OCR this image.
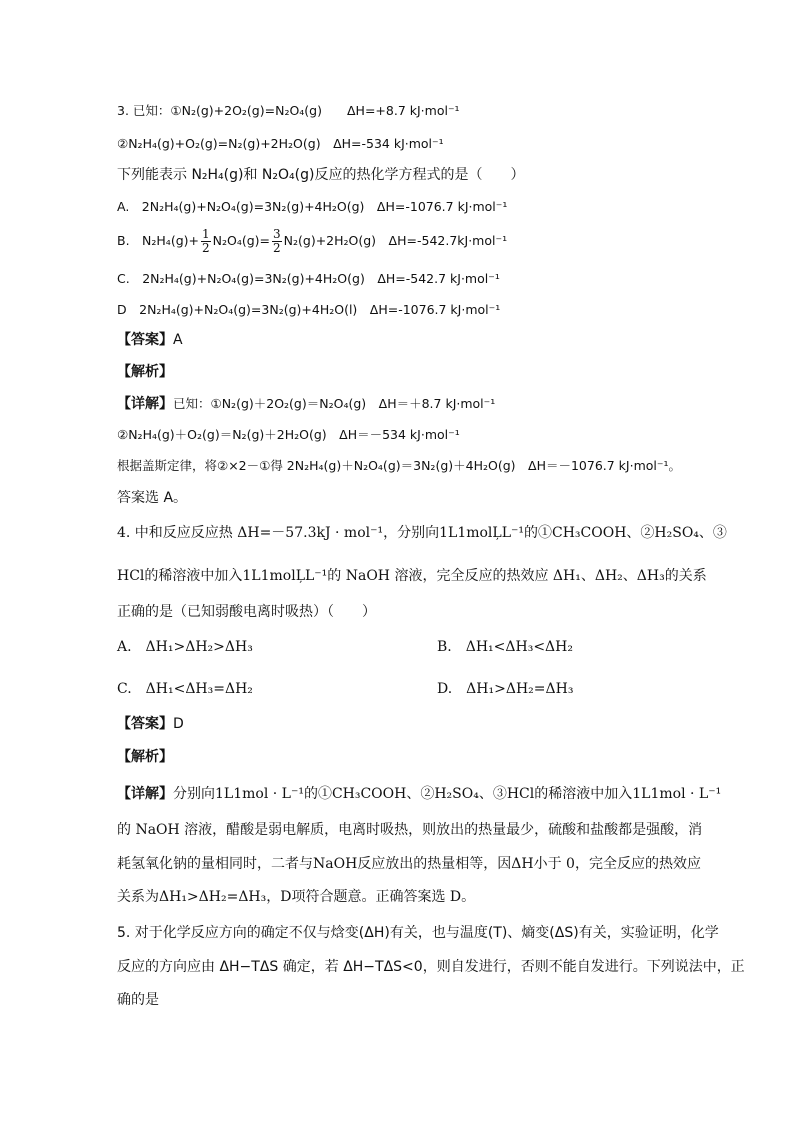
3. 已知：①N₂(g)+2O₂(g)=N₂O₄(g)　　ΔH=+8.7 kJ·mol⁻¹
②N₂H₄(g)+O₂(g)=N₂(g)+2H₂O(g)　ΔH=-534 kJ·mol⁻¹
下列能表示 N₂H₄(g)和 N₂O₄(g)反应的热化学方程式的是（　　）
A.　2N₂H₄(g)+N₂O₄(g)=3N₂(g)+4H₂O(g)　ΔH=-1076.7 kJ·mol⁻¹
B.　$N_2H_4(g)+ \frac{1}{2} N_2O_4(g)= \frac{3}{2} N_2(g)+2H_2O(g)$　ΔH=-542.7kJ·mol⁻¹
C.　2N₂H₄(g)+N₂O₄(g)=3N₂(g)+4H₂O(g)　ΔH=-542.7 kJ·mol⁻¹
D　2N₂H₄(g)+N₂O₄(g)=3N₂(g)+4H₂O(l)　ΔH=-1076.7 kJ·mol⁻¹
【答案】A
【解析】
【详解】已知：①N₂(g)＋2O₂(g)＝N₂O₄(g)　ΔH＝＋8.7 kJ·mol⁻¹
②N₂H₄(g)＋O₂(g)＝N₂(g)＋2H₂O(g)　ΔH＝－534 kJ·mol⁻¹
根据盖斯定律，将②×2－①得 2N₂H₄(g)＋N₂O₄(g)＝3N₂(g)＋4H₂O(g)　ΔH＝－1076.7 kJ·mol⁻¹。
答案选 A。
4. 中和反应反应热 ΔH=－57.3kJ · mol⁻¹，分别向1L1molĻL⁻¹的①CH₃COOH、②H₂SO₄、③
HCl的稀溶液中加入1L1molĻL⁻¹的 NaOH 溶液，完全反应的热效应 ΔH₁、ΔH₂、ΔH₃的关系
正确的是（已知弱酸电离时吸热）（　　）
A.　ΔH₁>ΔH₂>ΔH₃	B.　ΔH₁<ΔH₃<ΔH₂
C.　ΔH₁<ΔH₃=ΔH₂	D.　ΔH₁>ΔH₂=ΔH₃
【答案】D
【解析】
【详解】分别向1L1mol · L⁻¹的①CH₃COOH、②H₂SO₄、③HCl的稀溶液中加入1L1mol · L⁻¹
的 NaOH 溶液，醋酸是弱电解质，电离时吸热，则放出的热量最少，硫酸和盐酸都是强酸，消
耗氢氧化钠的量相同时，二者与NaOH反应放出的热量相等，因ΔH小于 0，完全反应的热效应
关系为ΔH₁>ΔH₂=ΔH₃，D项符合题意。正确答案选 D。
5. 对于化学反应方向的确定不仅与焓变(ΔH)有关，也与温度(T)、熵变(ΔS)有关，实验证明，化学
反应的方向应由 ΔH−TΔS 确定，若 ΔH−TΔS<0，则自发进行，否则不能自发进行。下列说法中，正
确的是
